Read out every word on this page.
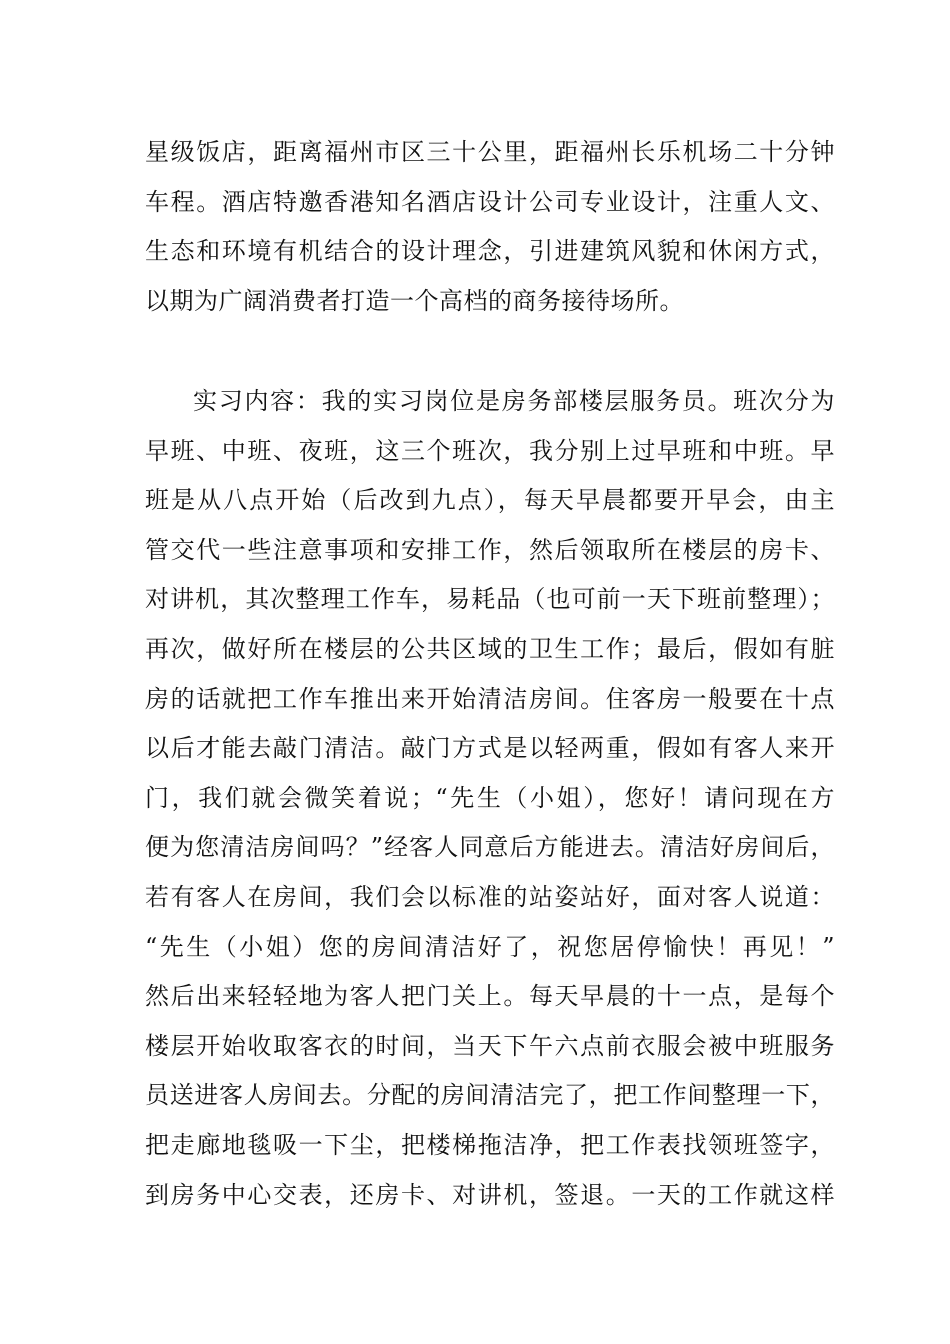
星级饭店，距离福州市区三十公里，距福州长乐机场二十分钟
车程。酒店特邀香港知名酒店设计公司专业设计，注重人文、
生态和环境有机结合的设计理念，引进建筑风貌和休闲方式，
以期为广阔消费者打造一个高档的商务接待场所。
实习内容：我的实习岗位是房务部楼层服务员。班次分为
早班、中班、夜班，这三个班次，我分别上过早班和中班。早
班是从八点开始（后改到九点），每天早晨都要开早会，由主
管交代一些注意事项和安排工作，然后领取所在楼层的房卡、
对讲机，其次整理工作车，易耗品（也可前一天下班前整理）；
再次，做好所在楼层的公共区域的卫生工作；最后，假如有脏
房的话就把工作车推出来开始清洁房间。住客房一般要在十点
以后才能去敲门清洁。敲门方式是以轻两重，假如有客人来开
门，我们就会微笑着说；“先生（小姐），您好！请问现在方
便为您清洁房间吗？”经客人同意后方能进去。清洁好房间后，
若有客人在房间，我们会以标准的站姿站好，面对客人说道：
“先生（小姐）您的房间清洁好了，祝您居停愉快！再见！”
然后出来轻轻地为客人把门关上。每天早晨的十一点，是每个
楼层开始收取客衣的时间，当天下午六点前衣服会被中班服务
员送进客人房间去。分配的房间清洁完了，把工作间整理一下，
把走廊地毯吸一下尘，把楼梯拖洁净，把工作表找领班签字，
到房务中心交表，还房卡、对讲机，签退。一天的工作就这样
